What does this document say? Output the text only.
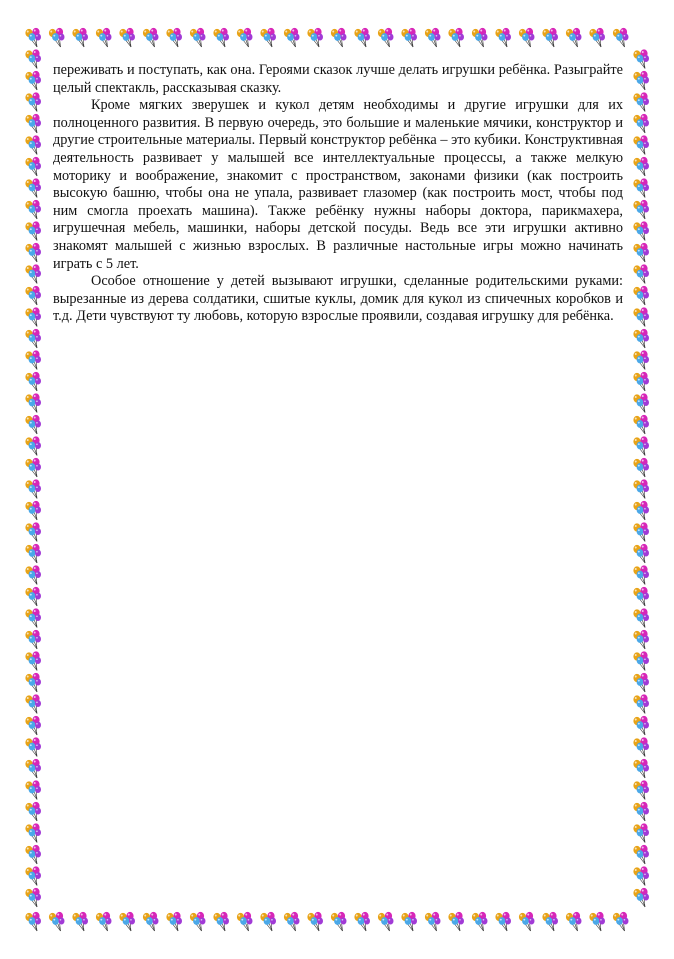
переживать и поступать, как она. Героями сказок лучше делать игрушки ребёнка. Разыграйте целый спектакль, рассказывая сказку.

Кроме мягких зверушек и кукол детям необходимы и другие игрушки для их полноценного развития. В первую очередь, это большие и маленькие мячики, конструктор и другие строительные материалы. Первый конструктор ребёнка – это кубики. Конструктивная деятельность развивает у малышей все интеллектуальные процессы, а также мелкую моторику и воображение, знакомит с пространством, законами физики (как построить высокую башню, чтобы она не упала, развивает глазомер (как построить мост, чтобы под ним смогла проехать машина). Также ребёнку нужны наборы доктора, парикмахера, игрушечная мебель, машинки, наборы детской посуды. Ведь все эти игрушки активно знакомят малышей с жизнью взрослых. В различные настольные игры можно начинать играть с 5 лет.

Особое отношение у детей вызывают игрушки, сделанные родительскими руками: вырезанные из дерева солдатики, сшитые куклы, домик для кукол из спичечных коробков и т.д. Дети чувствуют ту любовь, которую взрослые проявили, создавая игрушку для ребёнка.
